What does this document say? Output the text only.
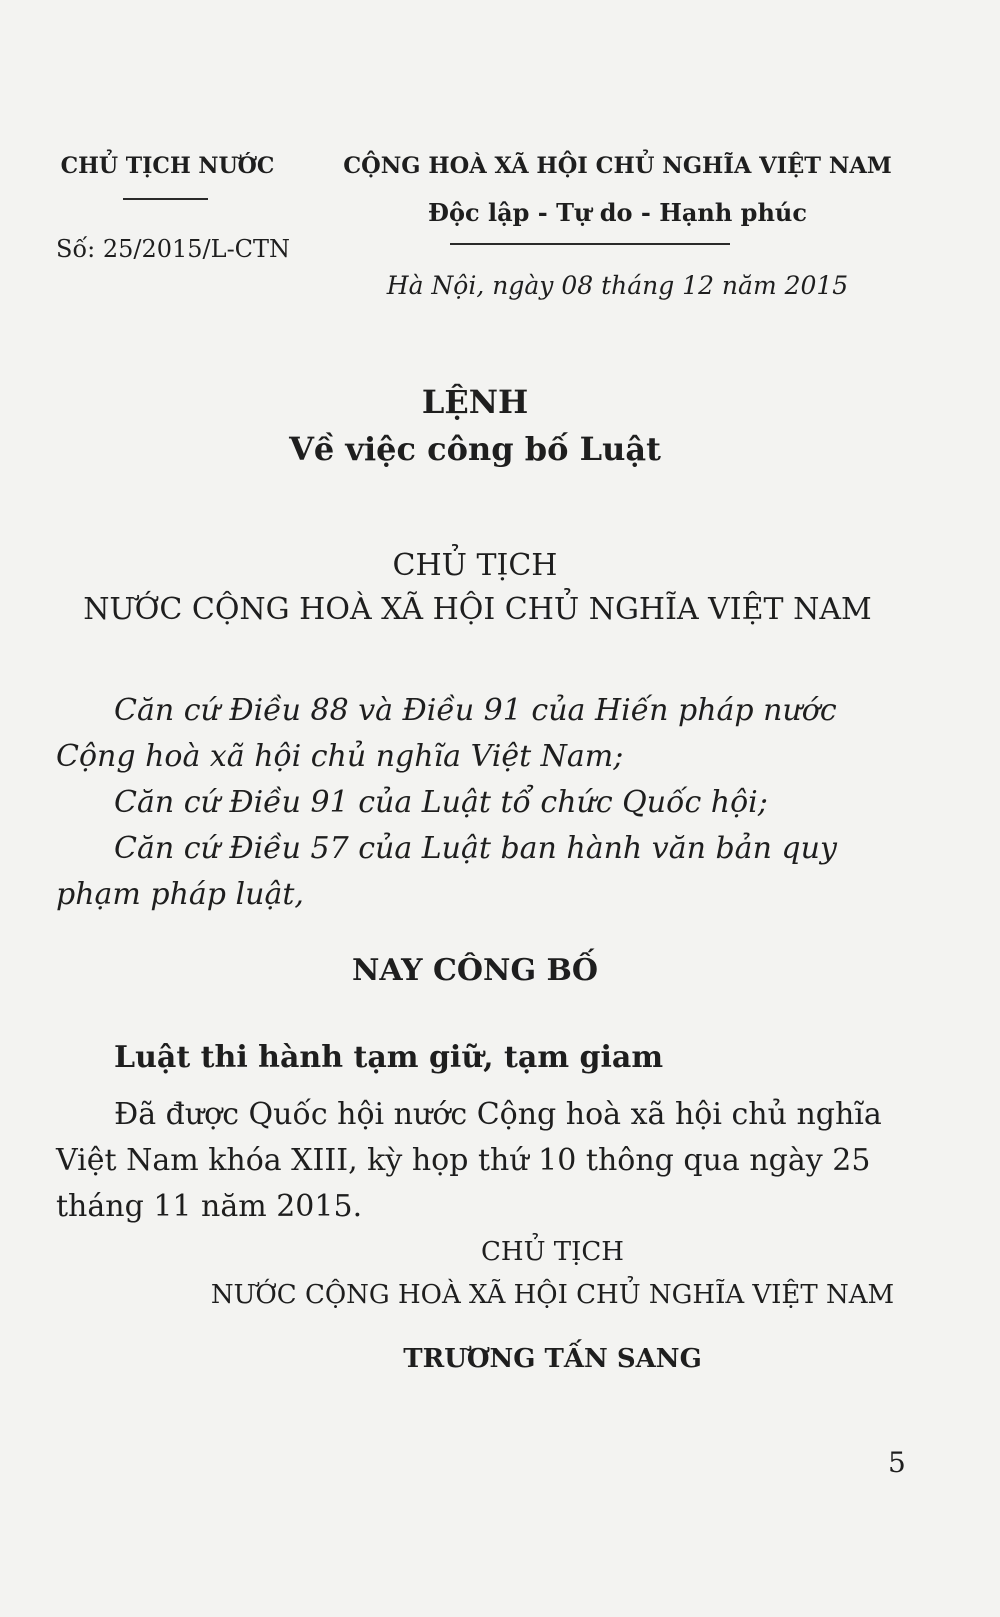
CHỦ TỊCH NƯỚC
Số: 25/2015/L-CTN
CỘNG HOÀ XÃ HỘI CHỦ NGHĨA VIỆT NAM
Độc lập - Tự do - Hạnh phúc
Hà Nội, ngày 08 tháng 12 năm 2015
LỆNH
Về việc công bố Luật
CHỦ TỊCH
NƯỚC CỘNG HOÀ XÃ HỘI CHỦ NGHĨA VIỆT NAM
Căn cứ Điều 88 và Điều 91 của Hiến pháp nước
Cộng hoà xã hội chủ nghĩa Việt Nam;
Căn cứ Điều 91 của Luật tổ chức Quốc hội;
Căn cứ Điều 57 của Luật ban hành văn bản quy
phạm pháp luật,
NAY CÔNG BỐ
Luật thi hành tạm giữ, tạm giam
Đã được Quốc hội nước Cộng hoà xã hội chủ nghĩa
Việt Nam khóa XIII, kỳ họp thứ 10 thông qua ngày 25
tháng 11 năm 2015.
CHỦ TỊCH
NƯỚC CỘNG HOÀ XÃ HỘI CHỦ NGHĨA VIỆT NAM
TRƯƠNG TẤN SANG
5
